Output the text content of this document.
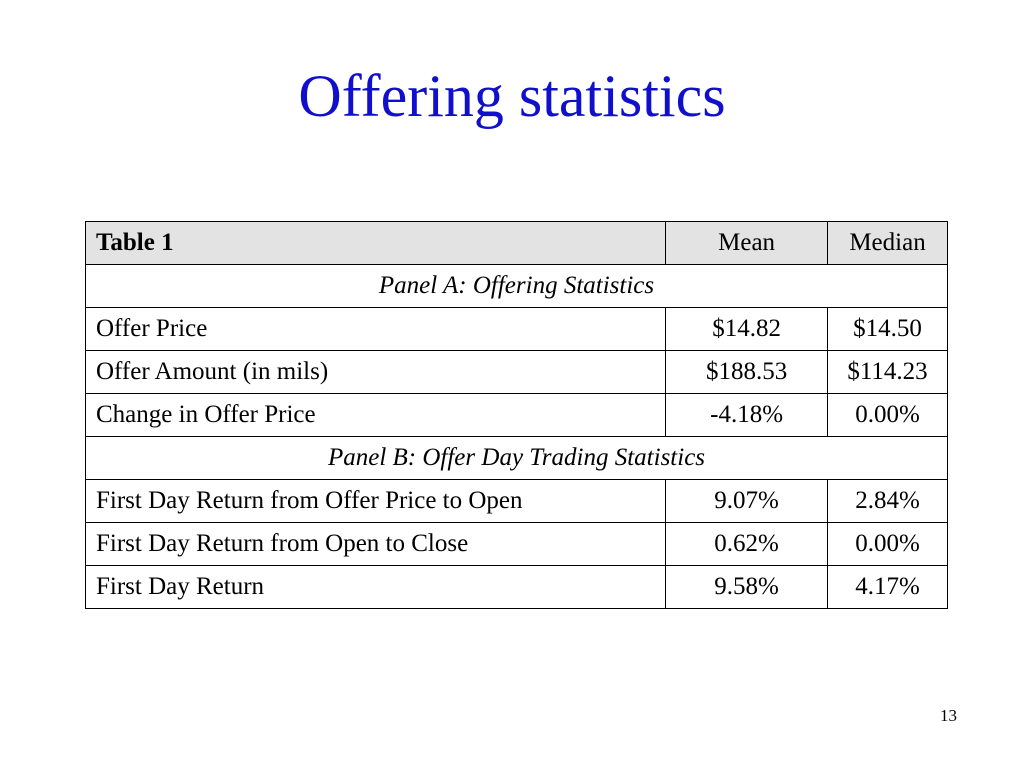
Offering statistics
Table 1	Mean	Median
Panel A: Offering Statistics		
Offer Price	$14.82	$14.50
Offer Amount (in mils)	$188.53	$114.23
Change in Offer Price	-4.18%	0.00%
Panel B: Offer Day Trading Statistics		
First Day Return from Offer Price to Open	9.07%	2.84%
First Day Return from Open to Close	0.62%	0.00%
First Day Return	9.58%	4.17%
13
